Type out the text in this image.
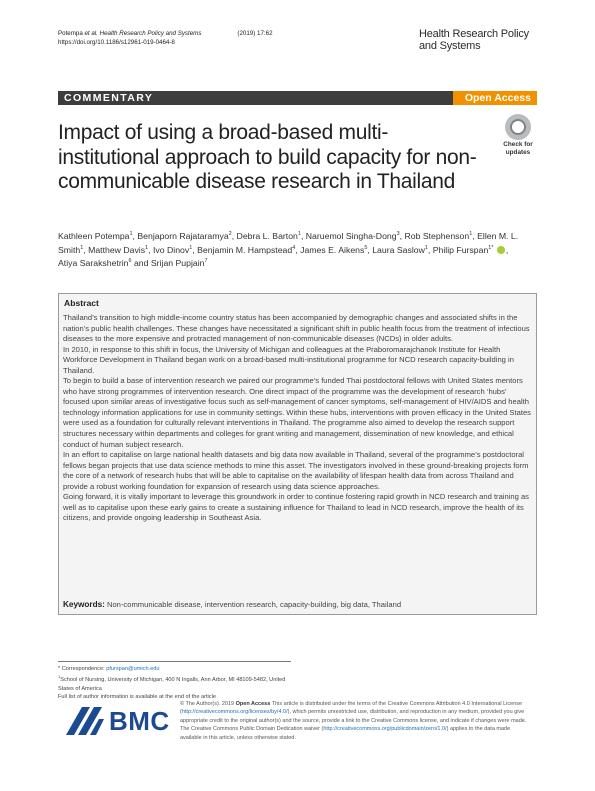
Potempa et al. Health Research Policy and Systems	(2019) 17:62
https://doi.org/10.1186/s12961-019-0464-8
Health Research Policy
and Systems
COMMENTARY	Open Access
Impact of using a broad-based multi-institutional approach to build capacity for non-communicable disease research in Thailand
Check for
updates
Kathleen Potempa$^1$, Benjaporn Rajataramya$^2$, Debra L. Barton$^1$, Naruemol Singha-Dong$^3$, Rob Stephenson$^1$, Ellen M. L. Smith$^1$, Matthew Davis$^1$, Ivo Dinov$^1$, Benjamin M. Hampstead$^4$, James E. Aikens$^5$, Laura Saslow$^1$, Philip Furspan$^{1*}$ , Atiya Sarakshetrin$^6$ and Srijan Pupjain$^7$
Abstract

Thailand’s transition to high middle-income country status has been accompanied by demographic changes and associated shifts in the nation’s public health challenges. These changes have necessitated a significant shift in public health focus from the treatment of infectious diseases to the more expensive and protracted management of non-communicable diseases (NCDs) in older adults.

In 2010, in response to this shift in focus, the University of Michigan and colleagues at the Praboromarajchanok Institute for Health Workforce Development in Thailand began work on a broad-based multi-institutional programme for NCD research capacity-building in Thailand.

To begin to build a base of intervention research we paired our programme’s funded Thai postdoctoral fellows with United States mentors who have strong programmes of intervention research. One direct impact of the programme was the development of research ‘hubs’ focused upon similar areas of investigative focus such as self-management of cancer symptoms, self-management of HIV/AIDS and health technology information applications for use in community settings. Within these hubs, interventions with proven efficacy in the United States were used as a foundation for culturally relevant interventions in Thailand. The programme also aimed to develop the research support structures necessary within departments and colleges for grant writing and management, dissemination of new knowledge, and ethical conduct of human subject research.

In an effort to capitalise on large national health datasets and big data now available in Thailand, several of the programme’s postdoctoral fellows began projects that use data science methods to mine this asset. The investigators involved in these ground-breaking projects form the core of a network of research hubs that will be able to capitalise on the availability of lifespan health data from across Thailand and provide a robust working foundation for expansion of research using data science approaches.

Going forward, it is vitally important to leverage this groundwork in order to continue fostering rapid growth in NCD research and training as well as to capitalise upon these early gains to create a sustaining influence for Thailand to lead in NCD research, improve the health of its citizens, and provide ongoing leadership in Southeast Asia.

Keywords: Non-communicable disease, intervention research, capacity-building, big data, Thailand
* Correspondence: pfurspan@umich.edu
$^1$School of Nursing, University of Michigan, 400 N Ingalls, Ann Arbor, MI 48109-5482, United States of America
Full list of author information is available at the end of the article
BMC
© The Author(s). 2019 Open Access This article is distributed under the terms of the Creative Commons Attribution 4.0 International License (http://creativecommons.org/licenses/by/4.0/), which permits unrestricted use, distribution, and reproduction in any medium, provided you give appropriate credit to the original author(s) and the source, provide a link to the Creative Commons license, and indicate if changes were made. The Creative Commons Public Domain Dedication waiver (http://creativecommons.org/publicdomain/zero/1.0/) applies to the data made available in this article, unless otherwise stated.
